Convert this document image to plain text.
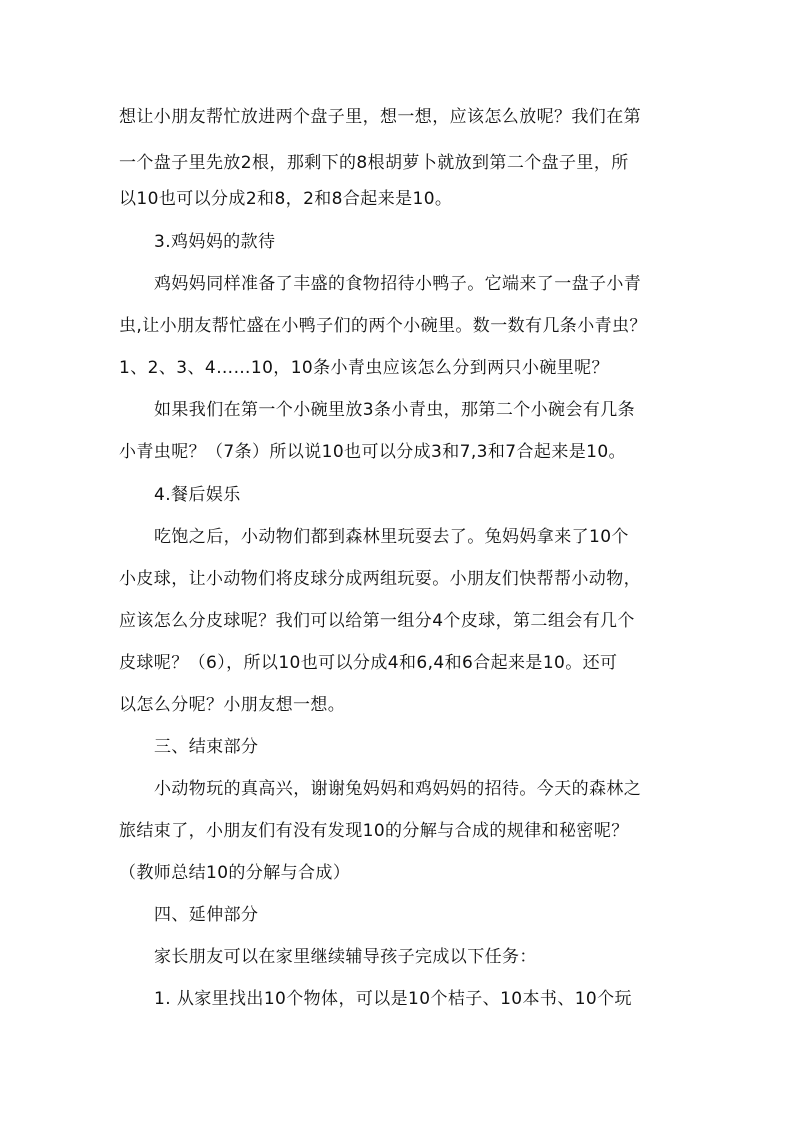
想让小朋友帮忙放进两个盘子里，想一想，应该怎么放呢？我们在第
一个盘子里先放2根，那剩下的8根胡萝卜就放到第二个盘子里，所
以10也可以分成2和8，2和8合起来是10。
3.鸡妈妈的款待
鸡妈妈同样准备了丰盛的食物招待小鸭子。它端来了一盘子小青
虫,让小朋友帮忙盛在小鸭子们的两个小碗里。数一数有几条小青虫？
1、2、3、4……10，10条小青虫应该怎么分到两只小碗里呢？
如果我们在第一个小碗里放3条小青虫，那第二个小碗会有几条
小青虫呢？（7条）所以说10也可以分成3和7,3和7合起来是10。
4.餐后娱乐
吃饱之后，小动物们都到森林里玩耍去了。兔妈妈拿来了10个
小皮球，让小动物们将皮球分成两组玩耍。小朋友们快帮帮小动物，
应该怎么分皮球呢？我们可以给第一组分4个皮球，第二组会有几个
皮球呢？（6），所以10也可以分成4和6,4和6合起来是10。还可
以怎么分呢？小朋友想一想。
三、结束部分
小动物玩的真高兴，谢谢兔妈妈和鸡妈妈的招待。今天的森林之
旅结束了，小朋友们有没有发现10的分解与合成的规律和秘密呢？
（教师总结10的分解与合成）
四、延伸部分
家长朋友可以在家里继续辅导孩子完成以下任务：
1. 从家里找出10个物体，可以是10个桔子、10本书、10个玩
